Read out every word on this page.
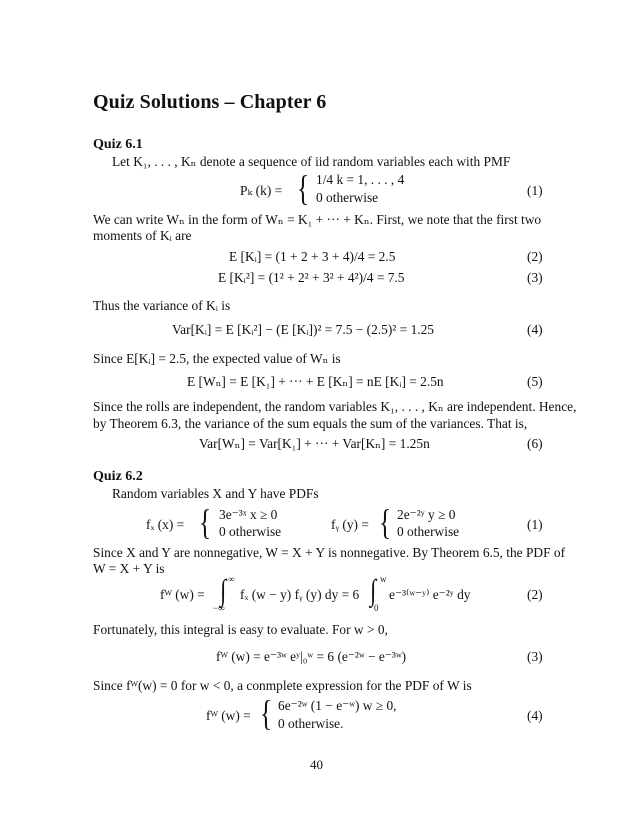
Quiz Solutions – Chapter 6
Quiz 6.1
Let K₁, . . . , Kₙ denote a sequence of iid random variables each with PMF
Pₖ (k) = { 1/4 k = 1, . . . , 4
0 otherwise	(1)
We can write Wₙ in the form of Wₙ = K₁ + ··· + Kₙ. First, we note that the first two
moments of Kᵢ are
E [Kᵢ] = (1 + 2 + 3 + 4)/4 = 2.5	(2)
E [Kᵢ²] = (1² + 2² + 3² + 4²)/4 = 7.5	(3)
Thus the variance of Kᵢ is
Var[Kᵢ] = E [Kᵢ²] − (E [Kᵢ])² = 7.5 − (2.5)² = 1.25	(4)
Since E[Kᵢ] = 2.5, the expected value of Wₙ is
E [Wₙ] = E [K₁] + ··· + E [Kₙ] = nE [Kᵢ] = 2.5n	(5)
Since the rolls are independent, the random variables K₁, . . . , Kₙ are independent. Hence,
by Theorem 6.3, the variance of the sum equals the sum of the variances. That is,
Var[Wₙ] = Var[K₁] + ··· + Var[Kₙ] = 1.25n	(6)
Quiz 6.2
Random variables X and Y have PDFs
fₓ (x) = { 3e⁻³ˣ x ≥ 0
0 otherwise	fᵧ (y) = { 2e⁻²ʸ y ≥ 0
0 otherwise	(1)
Since X and Y are nonnegative, W = X + Y is nonnegative. By Theorem 6.5, the PDF of
W = X + Y is
fᵂ (w) = ∫ ∞
−∞
fₓ (w − y) fᵧ (y) dy = 6 ∫ w
0
e⁻³⁽ʷ⁻ʸ⁾ e⁻²ʸ dy	(2)
Fortunately, this integral is easy to evaluate. For w > 0,
fᵂ (w) = e⁻³ʷ eʸ|₀ʷ = 6 (e⁻²ʷ − e⁻³ʷ)	(3)
Since fᵂ(w) = 0 for w < 0, a conmplete expression for the PDF of W is
fᵂ (w) = { 6e⁻²ʷ (1 − e⁻ʷ) w ≥ 0,
0 otherwise.
(4)
40
